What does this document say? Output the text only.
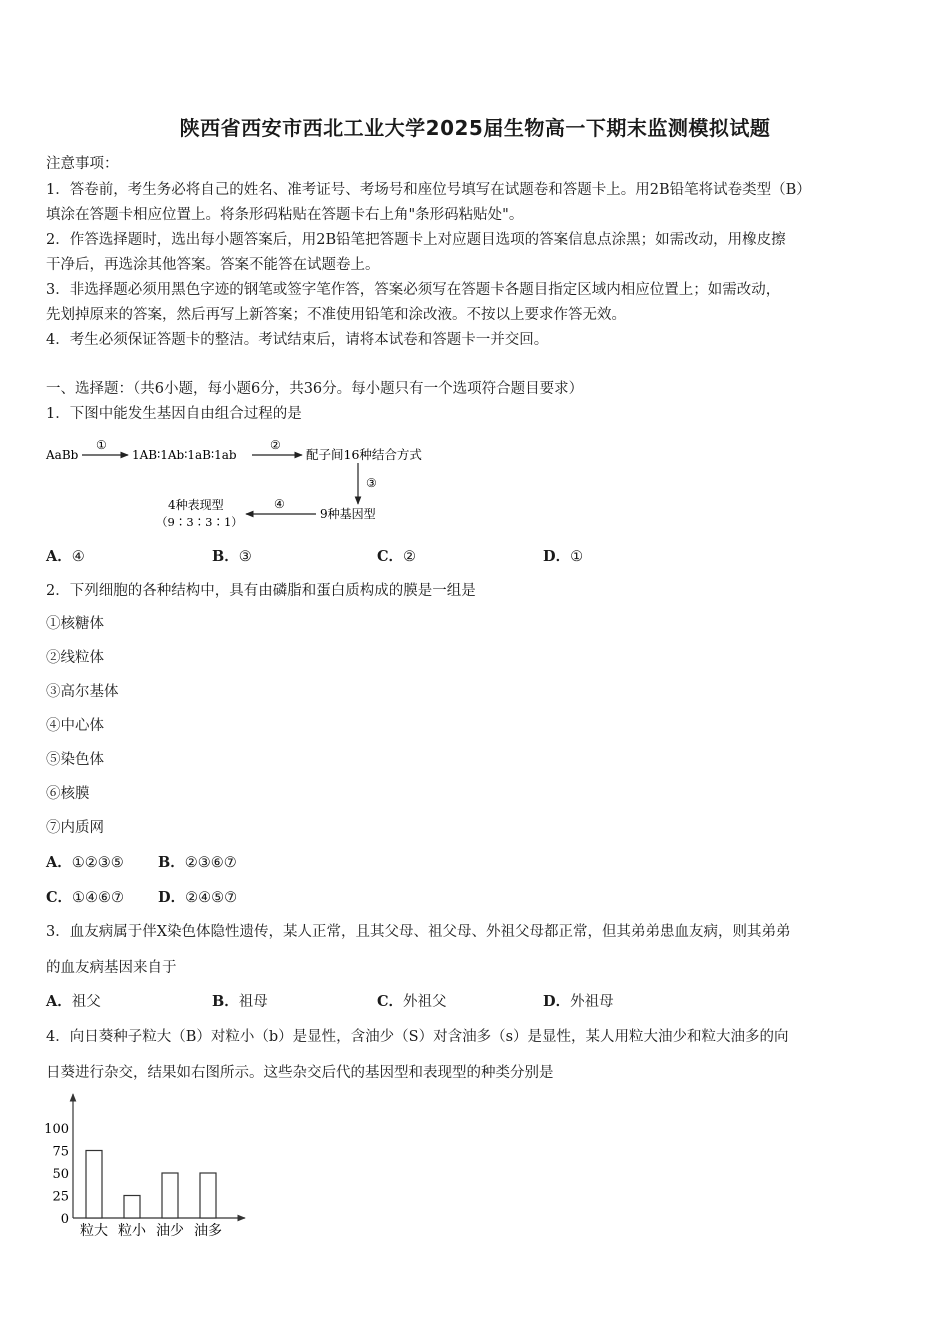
陕西省西安市西北工业大学2025届生物高一下期末监测模拟试题
注意事项：
1．答卷前，考生务必将自己的姓名、准考证号、考场号和座位号填写在试题卷和答题卡上。用2B铅笔将试卷类型（B）
填涂在答题卡相应位置上。将条形码粘贴在答题卡右上角"条形码粘贴处"。
2．作答选择题时，选出每小题答案后，用2B铅笔把答题卡上对应题目选项的答案信息点涂黑；如需改动，用橡皮擦
干净后，再选涂其他答案。答案不能答在试题卷上。
3．非选择题必须用黑色字迹的钢笔或签字笔作答，答案必须写在答题卡各题目指定区域内相应位置上；如需改动，
先划掉原来的答案，然后再写上新答案；不准使用铅笔和涂改液。不按以上要求作答无效。
4．考生必须保证答题卡的整洁。考试结束后，请将本试卷和答题卡一并交回。
一、选择题：（共6小题，每小题6分，共36分。每小题只有一个选项符合题目要求）
1．下图中能发生基因自由组合过程的是
AaBb
①
1AB∶1Ab∶1aB∶1ab
②
配子间16种结合方式
③
9种基因型
④
4种表现型
（9∶3∶3∶1）
A．④	B．③	C．②	D．①
2．下列细胞的各种结构中，具有由磷脂和蛋白质构成的膜是一组是
①核糖体
②线粒体
③高尔基体
④中心体
⑤染色体
⑥核膜
⑦内质网
A．①②③⑤ B．②③⑥⑦
C．①④⑥⑦ D．②④⑤⑦
3．血友病属于伴X染色体隐性遗传，某人正常，且其父母、祖父母、外祖父母都正常，但其弟弟患血友病，则其弟弟
的血友病基因来自于
A．祖父	B．祖母	C．外祖父	D．外祖母
4．向日葵种子粒大（B）对粒小（b）是显性，含油少（S）对含油多（s）是显性，某人用粒大油少和粒大油多的向
日葵进行杂交，结果如右图所示。这些杂交后代的基因型和表现型的种类分别是
0
25
50
75
100
粒大 粒小 油少 油多
